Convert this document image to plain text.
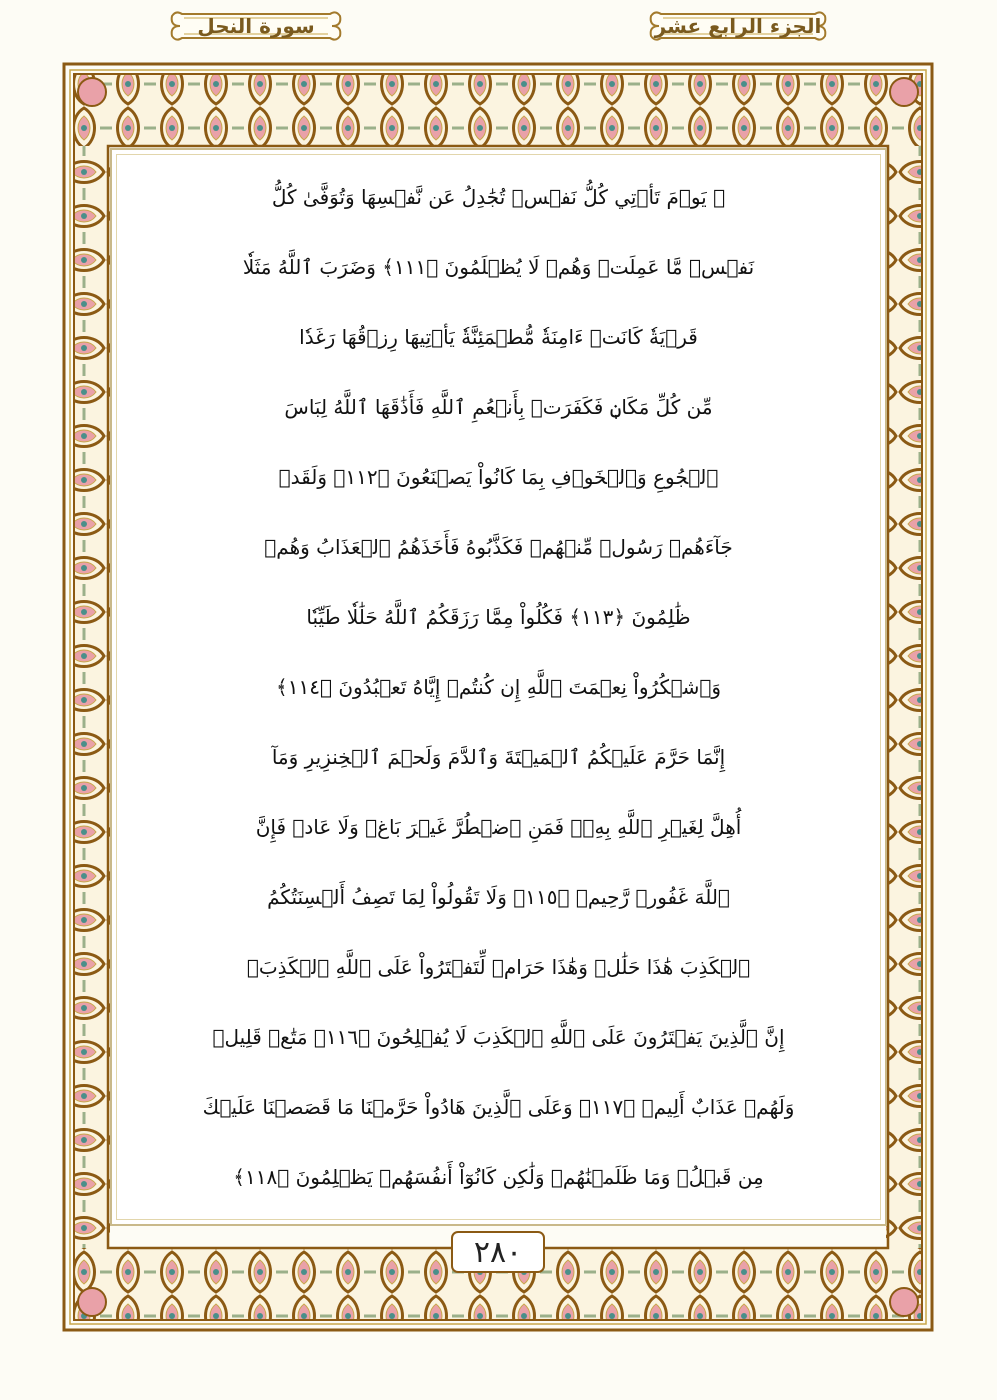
سورة النحل	الجزء الرابع عشر
۞ يَوۡمَ تَأۡتِي كُلُّ نَفۡسٖ تُجَٰدِلُ عَن نَّفۡسِهَا وَتُوَفَّىٰ كُلُّ
نَفۡسٖ مَّا عَمِلَتۡ وَهُمۡ لَا يُظۡلَمُونَ ﴿١١١﴾ وَضَرَبَ ٱللَّهُ مَثَلٗا
قَرۡيَةٗ كَانَتۡ ءَامِنَةٗ مُّطۡمَئِنَّةٗ يَأۡتِيهَا رِزۡقُهَا رَغَدٗا
مِّن كُلِّ مَكَانٖ فَكَفَرَتۡ بِأَنۡعُمِ ٱللَّهِ فَأَذَٰقَهَا ٱللَّهُ لِبَاسَ
ٱلۡجُوعِ وَٱلۡخَوۡفِ بِمَا كَانُواْ يَصۡنَعُونَ ﴿١١٢﴾ وَلَقَدۡ
جَآءَهُمۡ رَسُولٞ مِّنۡهُمۡ فَكَذَّبُوهُ فَأَخَذَهُمُ ٱلۡعَذَابُ وَهُمۡ
ظَٰلِمُونَ ﴿١١٣﴾ فَكُلُواْ مِمَّا رَزَقَكُمُ ٱللَّهُ حَلَٰلٗا طَيِّبٗا
وَٱشۡكُرُواْ نِعۡمَتَ ٱللَّهِ إِن كُنتُمۡ إِيَّاهُ تَعۡبُدُونَ ﴿١١٤﴾
إِنَّمَا حَرَّمَ عَلَيۡكُمُ ٱلۡمَيۡتَةَ وَٱلدَّمَ وَلَحۡمَ ٱلۡخِنزِيرِ وَمَآ
أُهِلَّ لِغَيۡرِ ٱللَّهِ بِهِۦۖ فَمَنِ ٱضۡطُرَّ غَيۡرَ بَاغٖ وَلَا عَادٖ فَإِنَّ
ٱللَّهَ غَفُورٞ رَّحِيمٞ ﴿١١٥﴾ وَلَا تَقُولُواْ لِمَا تَصِفُ أَلۡسِنَتُكُمُ
ٱلۡكَذِبَ هَٰذَا حَلَٰلٞ وَهَٰذَا حَرَامٞ لِّتَفۡتَرُواْ عَلَى ٱللَّهِ ٱلۡكَذِبَۚ
إِنَّ ٱلَّذِينَ يَفۡتَرُونَ عَلَى ٱللَّهِ ٱلۡكَذِبَ لَا يُفۡلِحُونَ ﴿١١٦﴾ مَتَٰعٞ قَلِيلٞ
وَلَهُمۡ عَذَابٌ أَلِيمٞ ﴿١١٧﴾ وَعَلَى ٱلَّذِينَ هَادُواْ حَرَّمۡنَا مَا قَصَصۡنَا عَلَيۡكَ
مِن قَبۡلُۖ وَمَا ظَلَمۡنَٰهُمۡ وَلَٰكِن كَانُوٓاْ أَنفُسَهُمۡ يَظۡلِمُونَ ﴿١١٨﴾
٢٨٠
